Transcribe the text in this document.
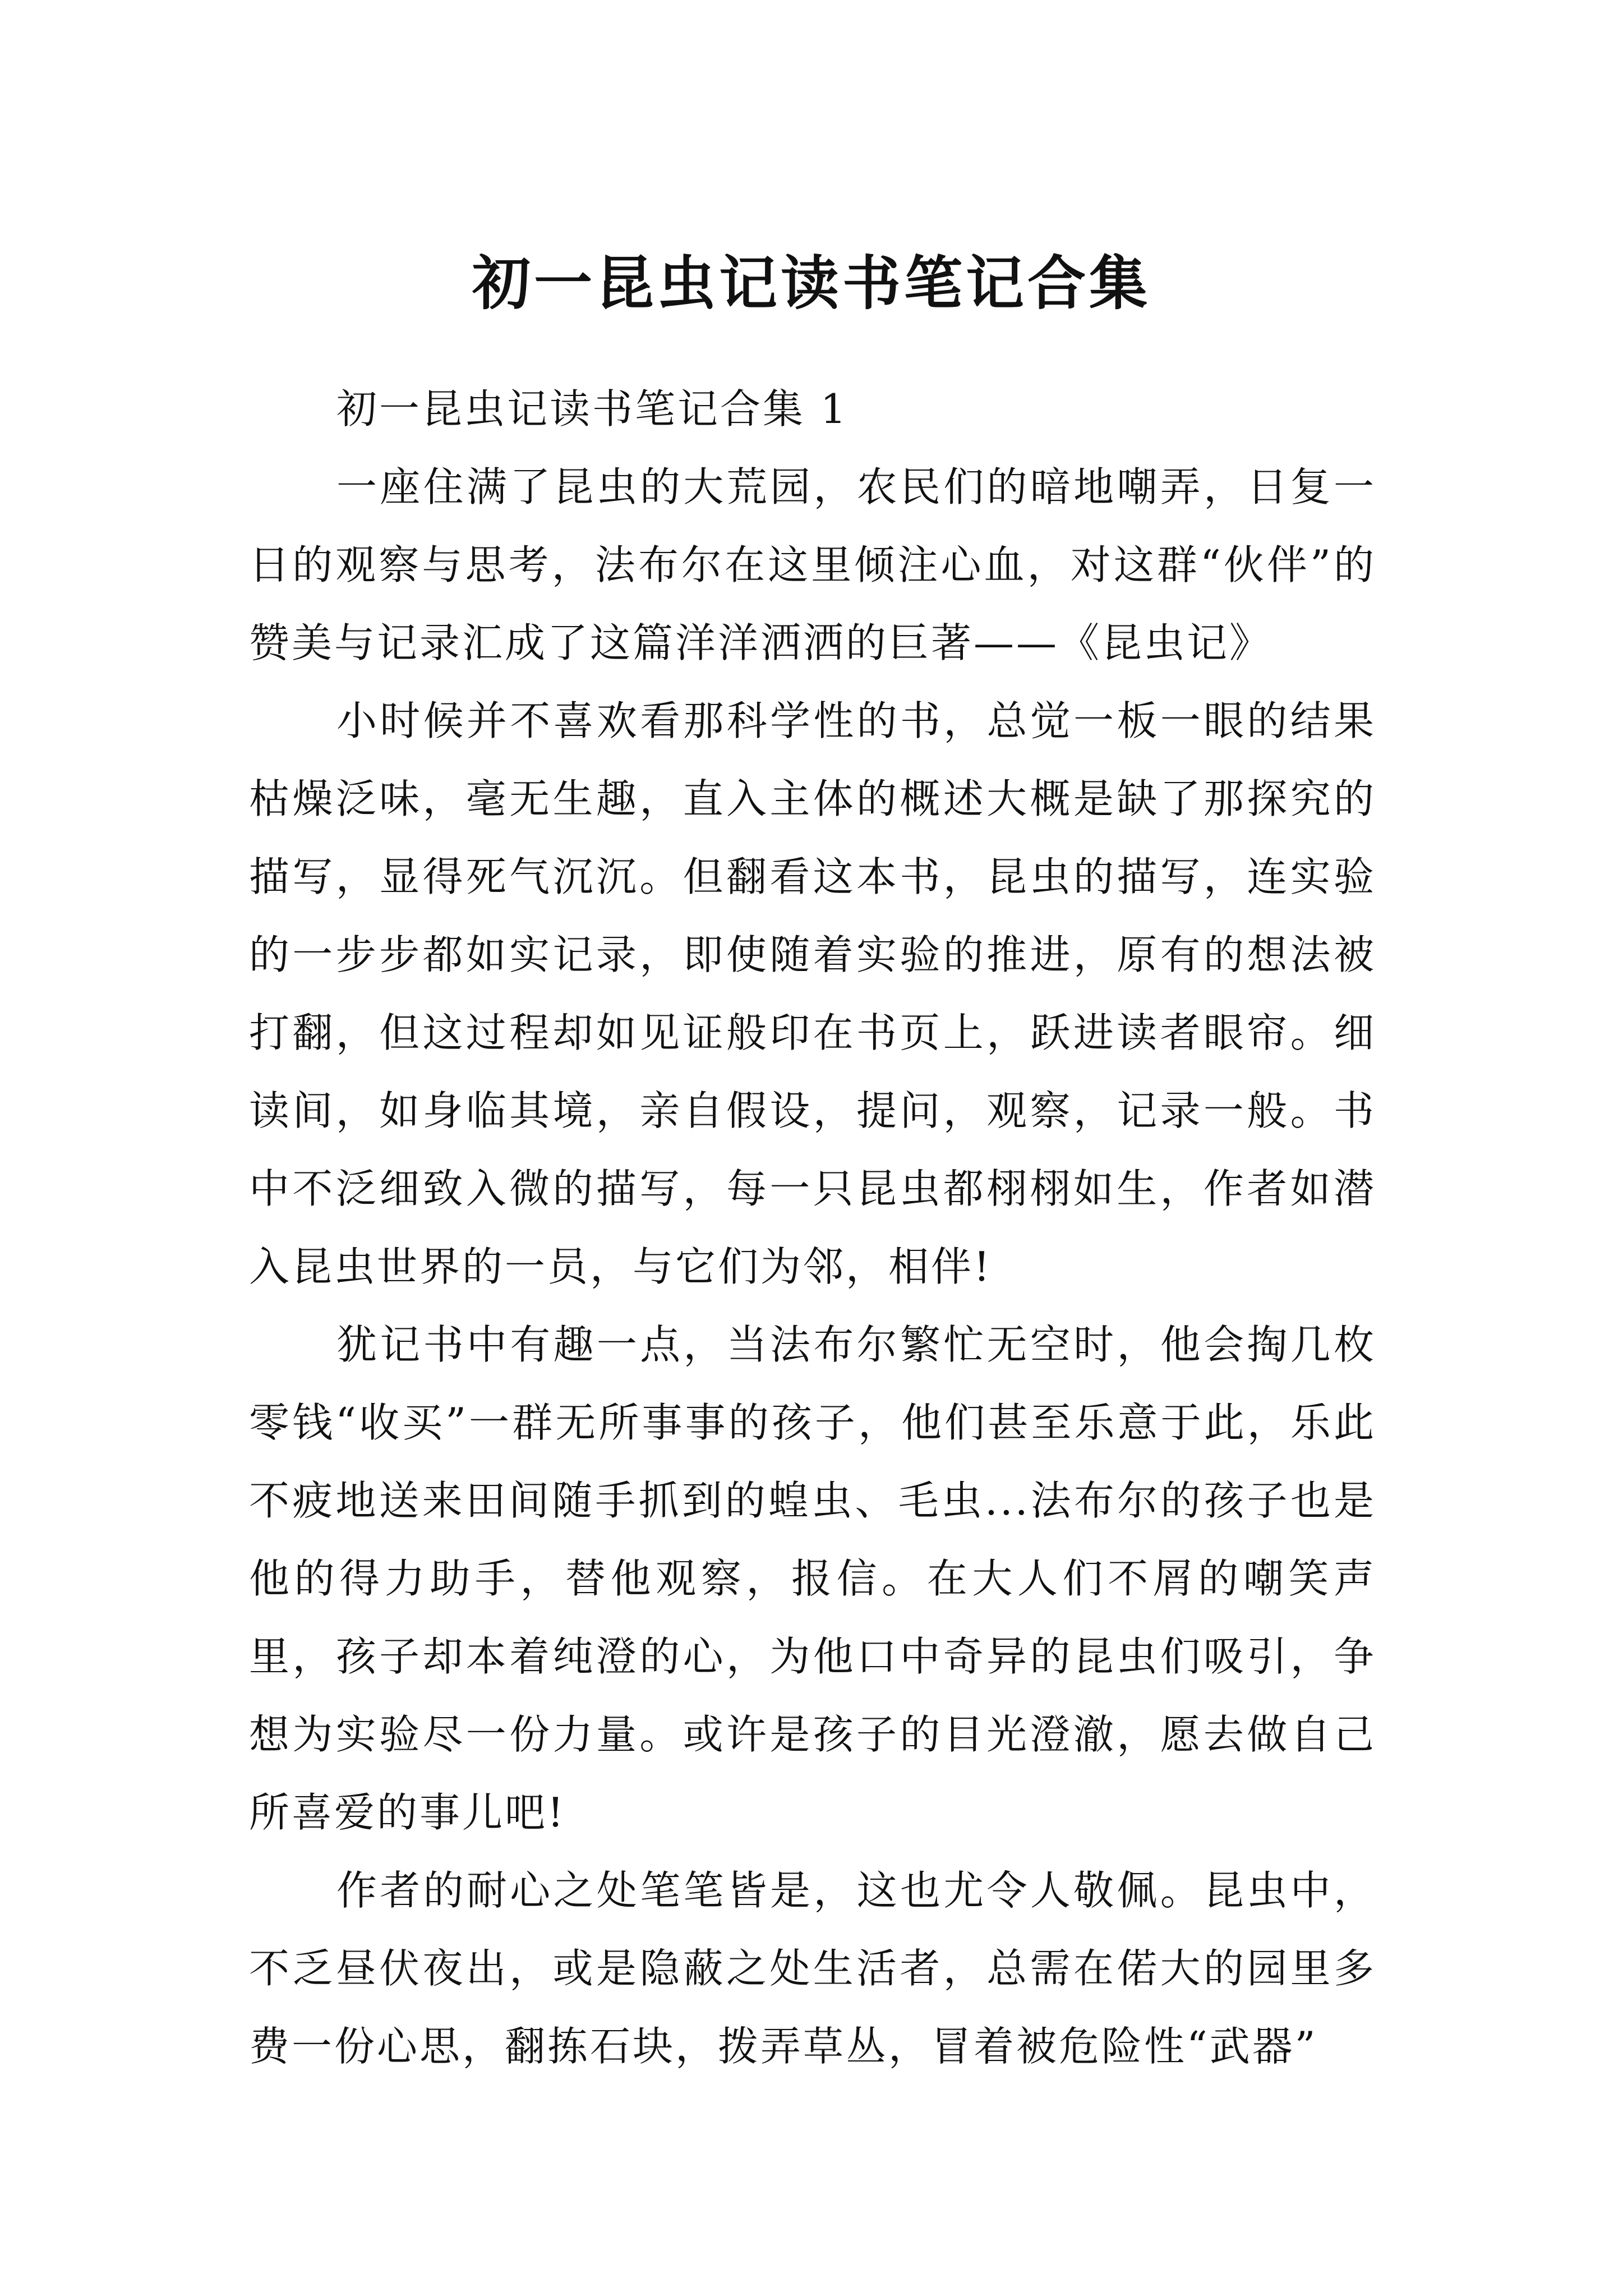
初一昆虫记读书笔记合集

初一昆虫记读书笔记合集 1

一座住满了昆虫的大荒园，农民们的暗地嘲弄，日复一日的观察与思考，法布尔在这里倾注心血，对这群“伙伴”的赞美与记录汇成了这篇洋洋洒洒的巨著——《昆虫记》

小时候并不喜欢看那科学性的书，总觉一板一眼的结果枯燥泛味，毫无生趣，直入主体的概述大概是缺了那探究的描写，显得死气沉沉。但翻看这本书，昆虫的描写，连实验的一步步都如实记录，即使随着实验的推进，原有的想法被打翻，但这过程却如见证般印在书页上，跃进读者眼帘。细读间，如身临其境，亲自假设，提问，观察，记录一般。书中不泛细致入微的描写，每一只昆虫都栩栩如生，作者如潜入昆虫世界的一员，与它们为邻，相伴!

犹记书中有趣一点，当法布尔繁忙无空时，他会掏几枚零钱“收买”一群无所事事的孩子，他们甚至乐意于此，乐此不疲地送来田间随手抓到的蝗虫、毛虫...法布尔的孩子也是他的得力助手，替他观察，报信。在大人们不屑的嘲笑声里，孩子却本着纯澄的心，为他口中奇异的昆虫们吸引，争想为实验尽一份力量。或许是孩子的目光澄澈，愿去做自己所喜爱的事儿吧!

作者的耐心之处笔笔皆是，这也尤令人敬佩。昆虫中，不乏昼伏夜出，或是隐蔽之处生活者，总需在偌大的园里多费一份心思，翻拣石块，拨弄草丛，冒着被危险性“武器”
